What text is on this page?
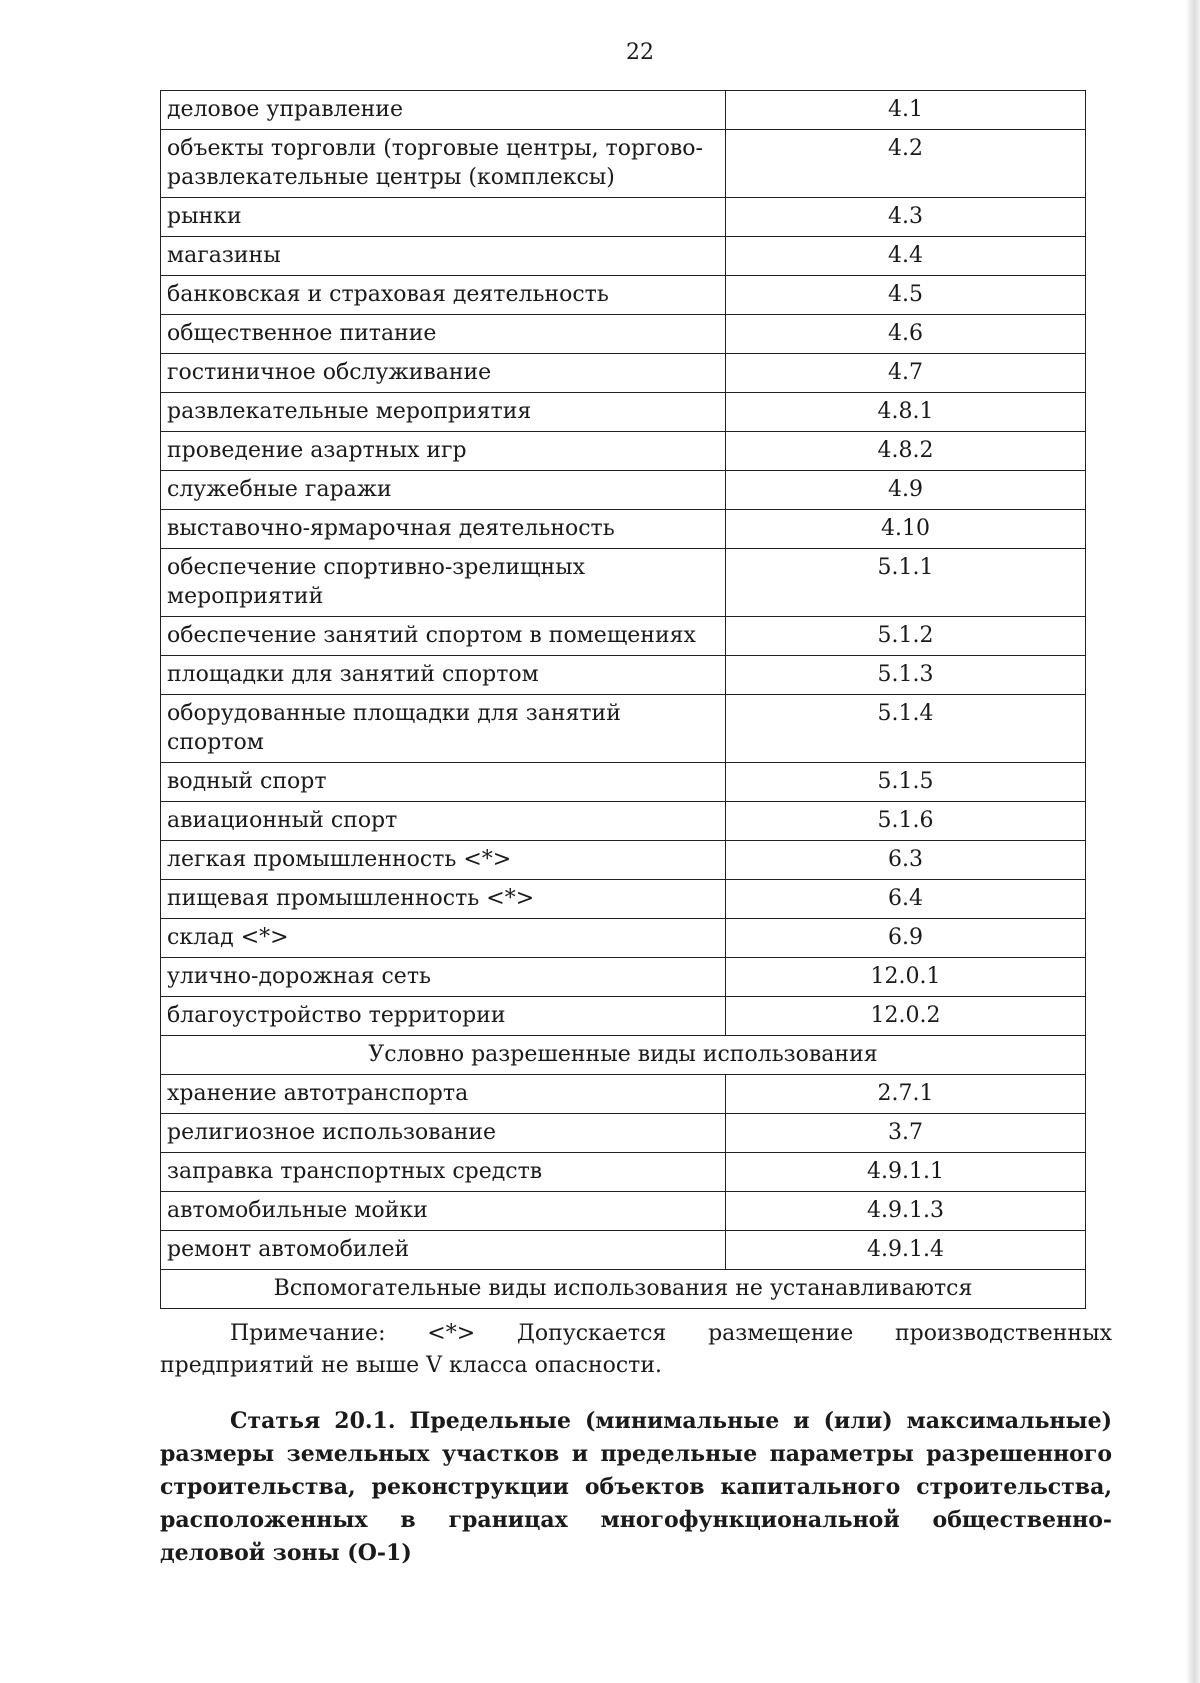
22
деловое управление	4.1
объекты торговли (торговые центры, торгово-развлекательные центры (комплексы)	4.2
рынки	4.3
магазины	4.4
банковская и страховая деятельность	4.5
общественное питание	4.6
гостиничное обслуживание	4.7
развлекательные мероприятия	4.8.1
проведение азартных игр	4.8.2
служебные гаражи	4.9
выставочно-ярмарочная деятельность	4.10
обеспечение спортивно-зрелищных мероприятий	5.1.1
обеспечение занятий спортом в помещениях	5.1.2
площадки для занятий спортом	5.1.3
оборудованные площадки для занятий спортом	5.1.4
водный спорт	5.1.5
авиационный спорт	5.1.6
легкая промышленность <*>	6.3
пищевая промышленность <*>	6.4
склад <*>	6.9
улично-дорожная сеть	12.0.1
благоустройство территории	12.0.2
Условно разрешенные виды использования	
хранение автотранспорта	2.7.1
религиозное использование	3.7
заправка транспортных средств	4.9.1.1
автомобильные мойки	4.9.1.3
ремонт автомобилей	4.9.1.4
Вспомогательные виды использования не устанавливаются	
Примечание: <*> Допускается размещение производственных предприятий не выше V класса опасности.
Статья 20.1. Предельные (минимальные и (или) максимальные) размеры земельных участков и предельные параметры разрешенного строительства, реконструкции объектов капитального строительства, расположенных в границах многофункциональной общественно-деловой зоны (О-1)
